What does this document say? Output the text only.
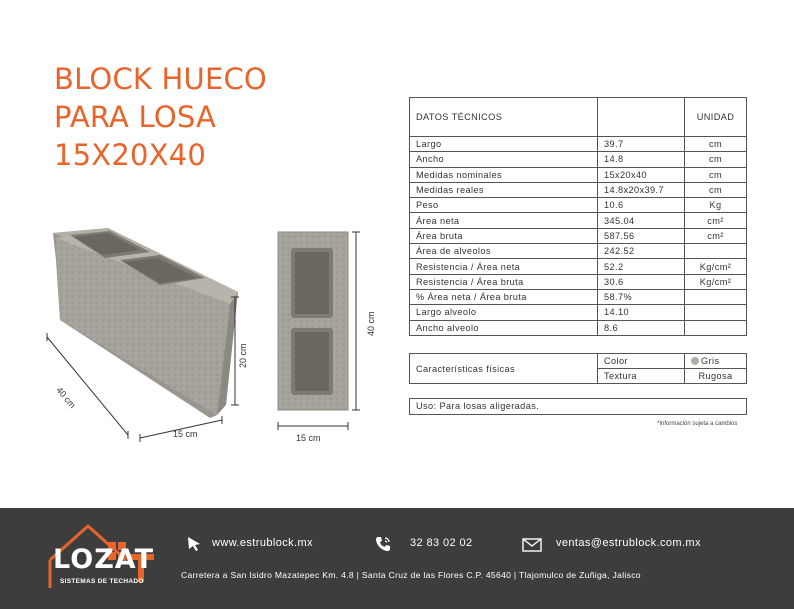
BLOCK HUECO
PARA LOSA
15X20X40
40 cm
15 cm
20 cm
40 cm
15 cm
DATOS TÉCNICOS		UNIDAD
Largo	39.7	cm
Ancho	14.8	cm
Medidas nominales	15x20x40	cm
Medidas reales	14.8x20x39.7	cm
Peso	10.6	Kg
Área neta	345.04	cm²
Área bruta	587.56	cm²
Área de alveolos	242.52	
Resistencia / Área neta	52.2	Kg/cm²
Resistencia / Área bruta	30.6	Kg/cm²
% Área neta / Área bruta	58.7%	
Largo alveolo	14.10	
Ancho alveolo	8.6	
Características físicas	Color	Gris
	Textura	Rugosa
Uso: Para losas aligeradas.
*Información sujeta a cambios
LOZAT
SISTEMAS DE TECHADO
www.estrublock.mx	32 83 02 02	ventas@estrublock.com.mx
Carretera a San Isidro Mazatepec Km. 4.8 | Santa Cruz de las Flores C.P. 45640 | Tlajomulco de Zuñiga, Jalisco
